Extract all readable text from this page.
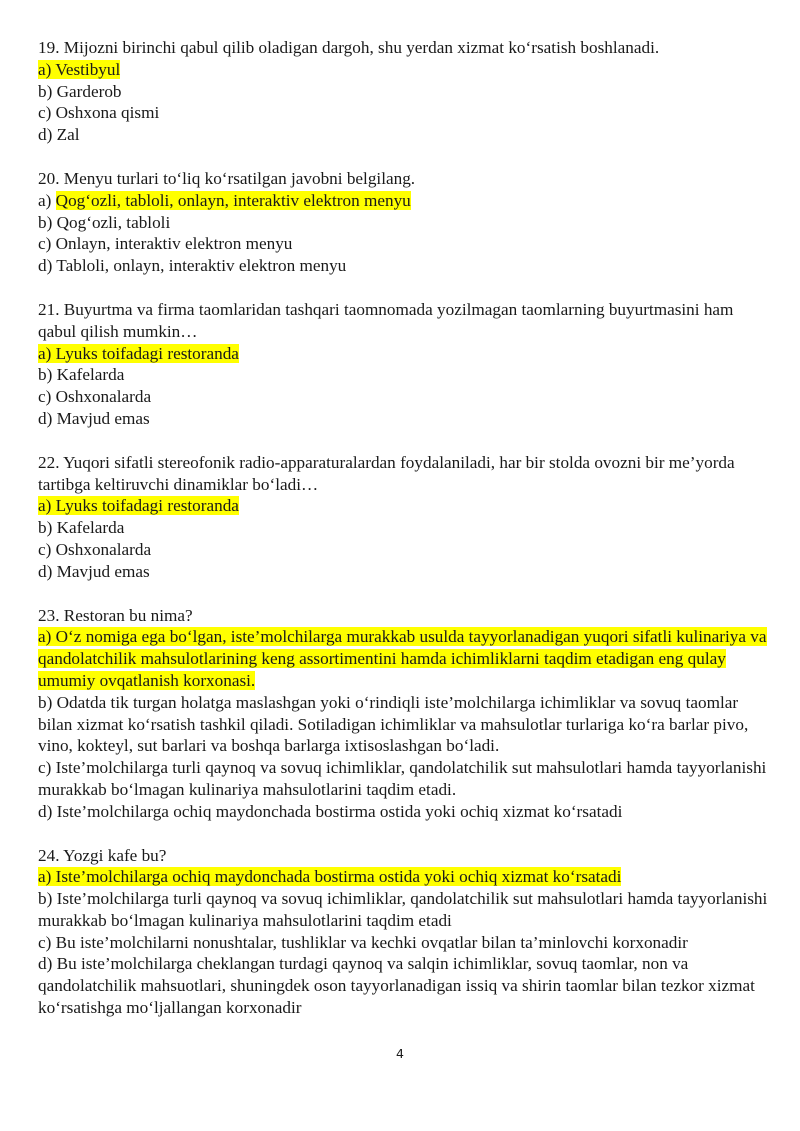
19. Mijozni birinchi qabul qilib oladigan dargoh, shu yerdan xizmat ko‘rsatish boshlanadi.

a) Vestibyul
b) Garderob
c) Oshxona qismi
d) Zal

20. Menyu turlari to‘liq ko‘rsatilgan javobni belgilang.

a) Qog‘ozli, tabloli, onlayn, interaktiv elektron menyu
b) Qog‘ozli, tabloli
c) Onlayn, interaktiv elektron menyu
d) Tabloli, onlayn, interaktiv elektron menyu

21. Buyurtma va firma taomlaridan tashqari taomnomada yozilmagan taomlarning buyurtmasini ham qabul qilish mumkin…

a) Lyuks toifadagi restoranda
b) Kafelarda
c) Oshxonalarda
d) Mavjud emas

22. Yuqori sifatli stereofonik radio-apparaturalardan foydalaniladi, har bir stolda ovozni bir me’yorda tartibga keltiruvchi dinamiklar bo‘ladi…

a) Lyuks toifadagi restoranda
b) Kafelarda
c) Oshxonalarda
d) Mavjud emas

23. Restoran bu nima?

a) O‘z nomiga ega bo‘lgan, iste’molchilarga murakkab usulda tayyorlanadigan yuqori sifatli kulinariya va qandolatchilik mahsulotlarining keng assortimentini hamda ichimliklarni taqdim etadigan eng qulay umumiy ovqatlanish korxonasi.
b) Odatda tik turgan holatga maslashgan yoki o‘rindiqli iste’molchilarga ichimliklar va sovuq taomlar bilan xizmat ko‘rsatish tashkil qiladi. Sotiladigan ichimliklar va mahsulotlar turlariga ko‘ra barlar pivo, vino, kokteyl, sut barlari va boshqa barlarga ixtisoslashgan bo‘ladi.
c) Iste’molchilarga turli qaynoq va sovuq ichimliklar, qandolatchilik sut mahsulotlari hamda tayyorlanishi murakkab bo‘lmagan kulinariya mahsulotlarini taqdim etadi.
d) Iste’molchilarga ochiq maydonchada bostirma ostida yoki ochiq xizmat ko‘rsatadi

24. Yozgi kafe bu?

a) Iste’molchilarga ochiq maydonchada bostirma ostida yoki ochiq xizmat ko‘rsatadi
b) Iste’molchilarga turli qaynoq va sovuq ichimliklar, qandolatchilik sut mahsulotlari hamda tayyorlanishi murakkab bo‘lmagan kulinariya mahsulotlarini taqdim etadi
c) Bu iste’molchilarni nonushtalar, tushliklar va kechki ovqatlar bilan ta’minlovchi korxonadir
d) Bu iste’molchilarga cheklangan turdagi qaynoq va salqin ichimliklar, sovuq taomlar, non va qandolatchilik mahsuotlari, shuningdek oson tayyorlanadigan issiq va shirin taomlar bilan tezkor xizmat ko‘rsatishga mo‘ljallangan korxonadir
4
